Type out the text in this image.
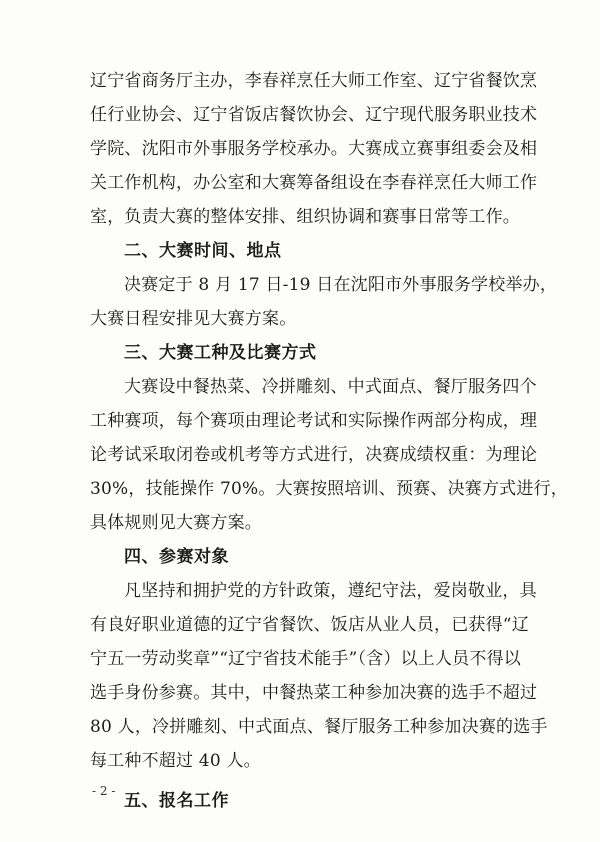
辽宁省商务厅主办，李春祥烹任大师工作室、辽宁省餐饮烹
任行业协会、辽宁省饭店餐饮协会、辽宁现代服务职业技术
学院、沈阳市外事服务学校承办。大赛成立赛事组委会及相
关工作机构，办公室和大赛筹备组设在李春祥烹任大师工作
室，负责大赛的整体安排、组织协调和赛事日常等工作。
二、大赛时间、地点
决赛定于 8 月 17 日-19 日在沈阳市外事服务学校举办，
大赛日程安排见大赛方案。
三、大赛工种及比赛方式
大赛设中餐热菜、冷拼雕刻、中式面点、餐厅服务四个
工种赛项，每个赛项由理论考试和实际操作两部分构成，理
论考试采取闭卷或机考等方式进行，决赛成绩权重：为理论
30%，技能操作 70%。大赛按照培训、预赛、决赛方式进行，
具体规则见大赛方案。
四、参赛对象
凡坚持和拥护党的方针政策，遵纪守法，爱岗敬业，具
有良好职业道德的辽宁省餐饮、饭店从业人员，已获得“辽
宁五一劳动奖章”“辽宁省技术能手”（含）以上人员不得以
选手身份参赛。其中，中餐热菜工种参加决赛的选手不超过
80 人，冷拼雕刻、中式面点、餐厅服务工种参加决赛的选手
每工种不超过 40 人。
五、报名工作
- 2 -
